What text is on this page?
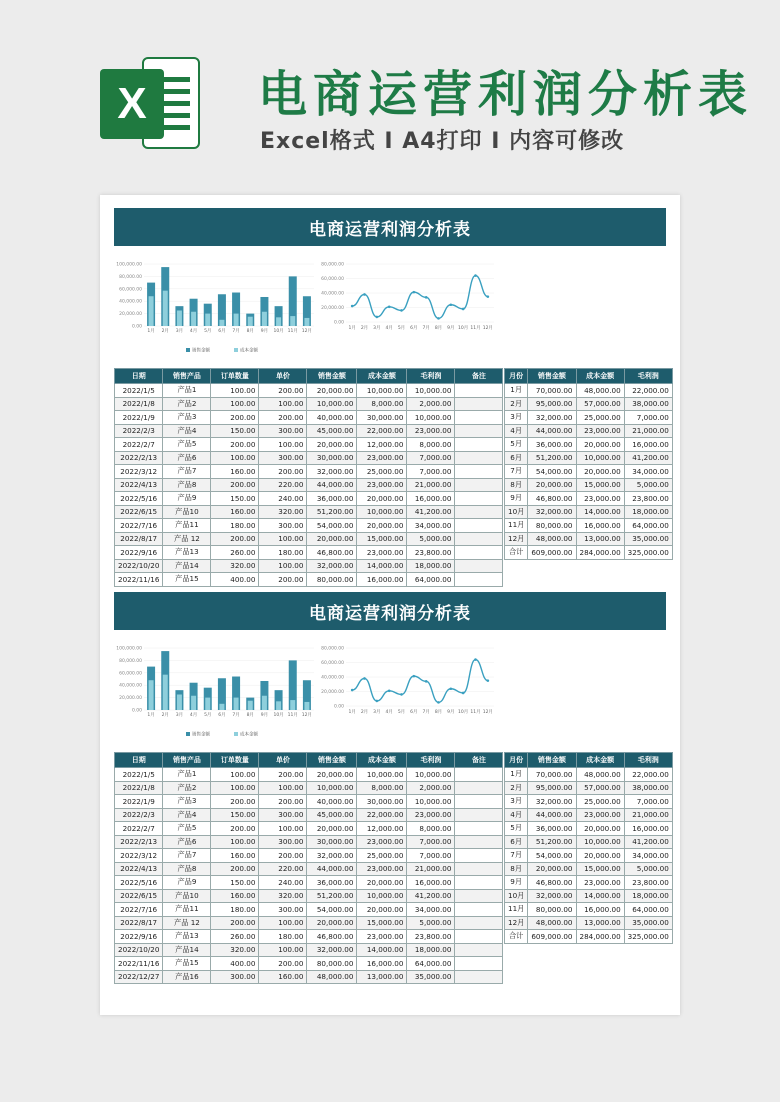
X	电商运营利润分析表
Excel格式 I A4打印 I 内容可修改
电商运营利润分析表
100,000.00
80,000.00
60,000.00
40,000.00
20,000.00
0.00
1月 2月 3月 4月 5月 6月 7月 8月 9月 10月 11月 12月
销售金额	成本金额
80,000.00
60,000.00
40,000.00
20,000.00
0.00
1月 2月 3月 4月 5月 6月 7月 8月 9月 10月 11月 12月
日期	销售产品	订单数量	单价	销售金额	成本金额	毛利润	备注
2022/1/5	产品1	100.00	200.00	20,000.00	10,000.00	10,000.00	
2022/1/8	产品2	100.00	100.00	10,000.00	8,000.00	2,000.00	
2022/1/9	产品3	200.00	200.00	40,000.00	30,000.00	10,000.00	
2022/2/3	产品4	150.00	300.00	45,000.00	22,000.00	23,000.00	
2022/2/7	产品5	200.00	100.00	20,000.00	12,000.00	8,000.00	
2022/2/13	产品6	100.00	300.00	30,000.00	23,000.00	7,000.00	
2022/3/12	产品7	160.00	200.00	32,000.00	25,000.00	7,000.00	
2022/4/13	产品8	200.00	220.00	44,000.00	23,000.00	21,000.00	
2022/5/16	产品9	150.00	240.00	36,000.00	20,000.00	16,000.00	
2022/6/15	产品10	160.00	320.00	51,200.00	10,000.00	41,200.00	
2022/7/16	产品11	180.00	300.00	54,000.00	20,000.00	34,000.00	
2022/8/17	产品 12	200.00	100.00	20,000.00	15,000.00	5,000.00	
2022/9/16	产品13	260.00	180.00	46,800.00	23,000.00	23,800.00	
2022/10/20	产品14	320.00	100.00	32,000.00	14,000.00	18,000.00	
2022/11/16	产品15	400.00	200.00	80,000.00	16,000.00	64,000.00	
月份	销售金额	成本金额	毛利润
1月	70,000.00	48,000.00	22,000.00
2月	95,000.00	57,000.00	38,000.00
3月	32,000.00	25,000.00	7,000.00
4月	44,000.00	23,000.00	21,000.00
5月	36,000.00	20,000.00	16,000.00
6月	51,200.00	10,000.00	41,200.00
7月	54,000.00	20,000.00	34,000.00
8月	20,000.00	15,000.00	5,000.00
9月	46,800.00	23,000.00	23,800.00
10月	32,000.00	14,000.00	18,000.00
11月	80,000.00	16,000.00	64,000.00
12月	48,000.00	13,000.00	35,000.00
合计	609,000.00	284,000.00	325,000.00
电商运营利润分析表
100,000.00
80,000.00
60,000.00
40,000.00
20,000.00
0.00
1月 2月 3月 4月 5月 6月 7月 8月 9月 10月 11月 12月
销售金额	成本金额
80,000.00
60,000.00
40,000.00
20,000.00
0.00
1月 2月 3月 4月 5月 6月 7月 8月 9月 10月 11月 12月
日期	销售产品	订单数量	单价	销售金额	成本金额	毛利润	备注
2022/1/5	产品1	100.00	200.00	20,000.00	10,000.00	10,000.00	
2022/1/8	产品2	100.00	100.00	10,000.00	8,000.00	2,000.00	
2022/1/9	产品3	200.00	200.00	40,000.00	30,000.00	10,000.00	
2022/2/3	产品4	150.00	300.00	45,000.00	22,000.00	23,000.00	
2022/2/7	产品5	200.00	100.00	20,000.00	12,000.00	8,000.00	
2022/2/13	产品6	100.00	300.00	30,000.00	23,000.00	7,000.00	
2022/3/12	产品7	160.00	200.00	32,000.00	25,000.00	7,000.00	
2022/4/13	产品8	200.00	220.00	44,000.00	23,000.00	21,000.00	
2022/5/16	产品9	150.00	240.00	36,000.00	20,000.00	16,000.00	
2022/6/15	产品10	160.00	320.00	51,200.00	10,000.00	41,200.00	
2022/7/16	产品11	180.00	300.00	54,000.00	20,000.00	34,000.00	
2022/8/17	产品 12	200.00	100.00	20,000.00	15,000.00	5,000.00	
2022/9/16	产品13	260.00	180.00	46,800.00	23,000.00	23,800.00	
2022/10/20	产品14	320.00	100.00	32,000.00	14,000.00	18,000.00	
2022/11/16	产品15	400.00	200.00	80,000.00	16,000.00	64,000.00	
2022/12/27	产品16	300.00	160.00	48,000.00	13,000.00	35,000.00	
月份	销售金额	成本金额	毛利润
1月	70,000.00	48,000.00	22,000.00
2月	95,000.00	57,000.00	38,000.00
3月	32,000.00	25,000.00	7,000.00
4月	44,000.00	23,000.00	21,000.00
5月	36,000.00	20,000.00	16,000.00
6月	51,200.00	10,000.00	41,200.00
7月	54,000.00	20,000.00	34,000.00
8月	20,000.00	15,000.00	5,000.00
9月	46,800.00	23,000.00	23,800.00
10月	32,000.00	14,000.00	18,000.00
11月	80,000.00	16,000.00	64,000.00
12月	48,000.00	13,000.00	35,000.00
合计	609,000.00	284,000.00	325,000.00
